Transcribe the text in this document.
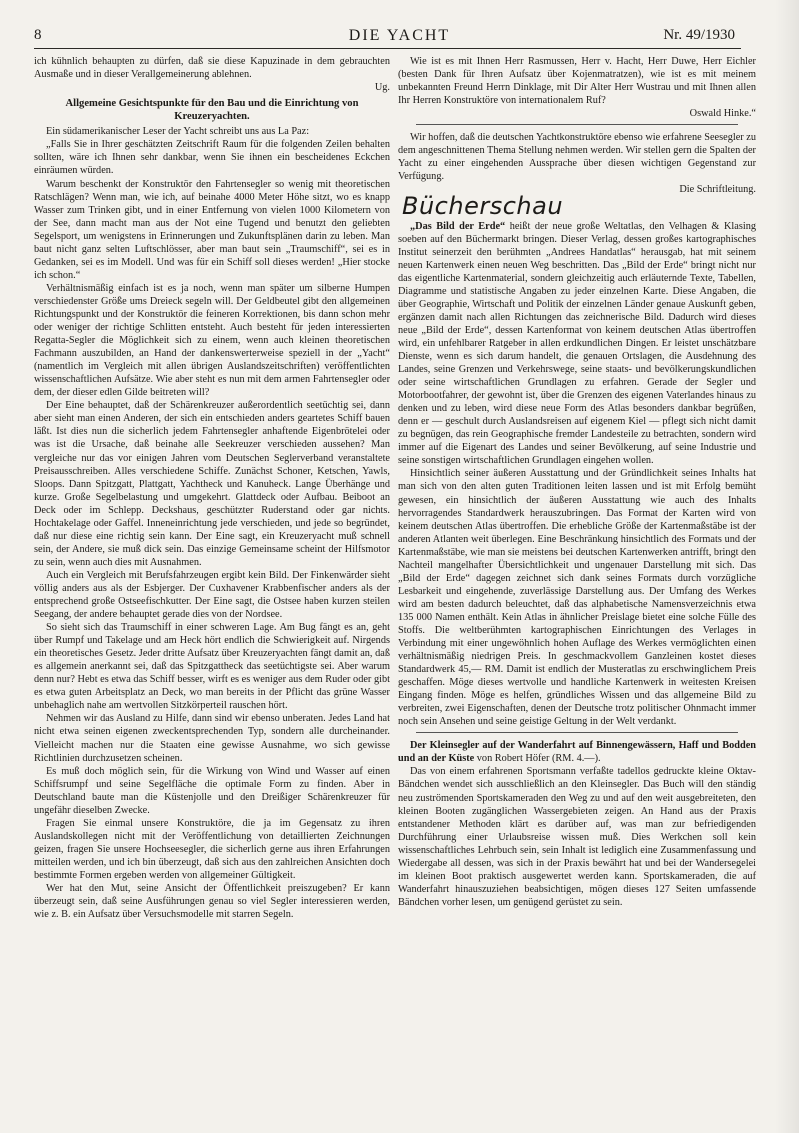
8	DIE YACHT	Nr. 49/1930

ich kühnlich behaupten zu dürfen, daß sie diese Kapuzinade in dem gebrauchten Ausmaße und in dieser Verallgemeinerung ablehnen.

Ug.

Allgemeine Gesichtspunkte für den Bau und die Einrichtung von Kreuzeryachten.

Ein südamerikanischer Leser der Yacht schreibt uns aus La Paz:

„Falls Sie in Ihrer geschätzten Zeitschrift Raum für die folgenden Zeilen behalten sollten, wäre ich Ihnen sehr dankbar, wenn Sie ihnen ein bescheidenes Eckchen einräumen würden.

Warum beschenkt der Konstruktör den Fahrtensegler so wenig mit theoretischen Ratschlägen? Wenn man, wie ich, auf beinahe 4000 Meter Höhe sitzt, wo es knapp Wasser zum Trinken gibt, und in einer Entfernung von vielen 1000 Kilometern von der See, dann macht man aus der Not eine Tugend und benutzt den geliebten Segelsport, um wenigstens in Erinnerungen und Zukunftsplänen darin zu leben. Man baut nicht ganz selten Luftschlösser, aber man baut sein „Traumschiff“, sei es in Gedanken, sei es im Modell. Und was für ein Schiff soll dieses werden! „Hier stocke ich schon.“

Verhältnismäßig einfach ist es ja noch, wenn man später um silberne Humpen verschiedenster Größe ums Dreieck segeln will. Der Geldbeutel gibt den allgemeinen Richtungspunkt und der Konstruktör die feineren Korrektionen, bis dann schon mehr oder weniger der richtige Schlitten entsteht. Auch besteht für jeden interessierten Regatta-Segler die Möglichkeit sich zu einem, wenn auch kleinen theoretischen Fachmann auszubilden, an Hand der dankenswerterweise speziell in der „Yacht“ (namentlich im Vergleich mit allen übrigen Auslandszeitschriften) veröffentlichten wissenschaftlichen Aufsätze. Wie aber steht es nun mit dem armen Fahrtensegler oder dem, der dieser edlen Gilde beitreten will?

Der Eine behauptet, daß der Schärenkreuzer außerordentlich seetüchtig sei, dann aber sieht man einen Anderen, der sich ein entschieden anders geartetes Schiff bauen läßt. Ist dies nun die sicherlich jedem Fahrtensegler anhaftende Eigenbrötelei oder was ist die Ursache, daß beinahe alle Seekreuzer verschieden aussehen? Man vergleiche nur das vor einigen Jahren vom Deutschen Seglerverband veranstaltete Preisausschreiben. Alles verschiedene Schiffe. Zunächst Schoner, Ketschen, Yawls, Sloops. Dann Spitzgatt, Plattgatt, Yachtheck und Kanuheck. Lange Überhänge und kurze. Große Segelbelastung und umgekehrt. Glattdeck oder Aufbau. Beiboot an Deck oder im Schlepp. Deckshaus, geschützter Ruderstand oder gar nichts. Hochtakelage oder Gaffel. Inneneinrichtung jede verschieden, und jede so begründet, daß nur diese eine richtig sein kann. Der Eine sagt, ein Kreuzeryacht muß schnell sein, der Andere, sie muß dick sein. Das einzige Gemeinsame scheint der Hilfsmotor zu sein, wenn auch dies mit Ausnahmen.

Auch ein Vergleich mit Berufsfahrzeugen ergibt kein Bild. Der Finkenwärder sieht völlig anders aus als der Esbjerger. Der Cuxhavener Krabbenfischer anders als der entsprechend große Ostseefischkutter. Der Eine sagt, die Ostsee haben kurzen steilen Seegang, der andere behauptet gerade dies von der Nordsee.

So sieht sich das Traumschiff in einer schweren Lage. Am Bug fängt es an, geht über Rumpf und Takelage und am Heck hört endlich die Schwierigkeit auf. Nirgends ein theoretisches Gesetz. Jeder dritte Aufsatz über Kreuzeryachten fängt damit an, daß es allgemein anerkannt sei, daß das Spitzgattheck das seetüchtigste sei. Aber warum denn nur? Hebt es etwa das Schiff besser, wirft es es weniger aus dem Ruder oder gibt es etwa guten Arbeitsplatz an Deck, wo man bereits in der Pflicht das grüne Wasser unbehaglich nahe am wertvollen Sitzkörperteil rauschen hört.

Nehmen wir das Ausland zu Hilfe, dann sind wir ebenso unberaten. Jedes Land hat nicht etwa seinen eigenen zweckentsprechenden Typ, sondern alle durcheinander. Vielleicht machen nur die Staaten eine gewisse Ausnahme, wo sich gewisse Richtlinien durchzusetzen scheinen.

Es muß doch möglich sein, für die Wirkung von Wind und Wasser auf einen Schiffsrumpf und seine Segelfläche die optimale Form zu finden. Aber in Deutschland baute man die Küstenjolle und den Dreißiger Schärenkreuzer für ungefähr dieselben Zwecke.

Fragen Sie einmal unsere Konstruktöre, die ja im Gegensatz zu ihren Auslandskollegen nicht mit der Veröffentlichung von detaillierten Zeichnungen geizen, fragen Sie unsere Hochseesegler, die sicherlich gerne aus ihren Erfahrungen mitteilen werden, und ich bin überzeugt, daß sich aus den zahlreichen Ansichten doch bestimmte Formen ergeben werden von allgemeiner Gültigkeit.

Wer hat den Mut, seine Ansicht der Öffentlichkeit preiszugeben? Er kann überzeugt sein, daß seine Ausführungen genau so viel Segler interessieren werden, wie z. B. ein Aufsatz über Versuchsmodelle mit starren Segeln.

Wie ist es mit Ihnen Herr Rasmussen, Herr v. Hacht, Herr Duwe, Herr Eichler (besten Dank für Ihren Aufsatz über Kojenmatratzen), wie ist es mit meinem unbekannten Freund Herrn Dinklage, mit Dir Alter Herr Wustrau und mit Ihnen allen Ihr Herren Konstruktöre von internationalem Ruf?

Oswald Hinke.“

Wir hoffen, daß die deutschen Yachtkonstruktöre ebenso wie erfahrene Seesegler zu dem angeschnittenen Thema Stellung nehmen werden. Wir stellen gern die Spalten der Yacht zu einer eingehenden Aussprache über diesen wichtigen Gegenstand zur Verfügung.

Die Schriftleitung.

Bücherschau

„Das Bild der Erde“ heißt der neue große Weltatlas, den Velhagen & Klasing soeben auf den Büchermarkt bringen. Dieser Verlag, dessen großes kartographisches Institut seinerzeit den berühmten „Andrees Handatlas“ herausgab, hat mit seinem neuen Kartenwerk einen neuen Weg beschritten. Das „Bild der Erde“ bringt nicht nur das eigentliche Kartenmaterial, sondern gleichzeitig auch erläuternde Texte, Tabellen, Diagramme und statistische Angaben zu jeder einzelnen Karte. Diese Angaben, die über Geographie, Wirtschaft und Politik der einzelnen Länder genaue Auskunft geben, ergänzen damit nach allen Richtungen das zeichnerische Bild. Dadurch wird dieses neue „Bild der Erde“, dessen Kartenformat von keinem deutschen Atlas übertroffen wird, ein unfehlbarer Ratgeber in allen erdkundlichen Dingen. Er leistet unschätzbare Dienste, wenn es sich darum handelt, die genauen Ortslagen, die Ausdehnung des Landes, seine Grenzen und Verkehrswege, seine staats- und bevölkerungskundlichen oder seine wirtschaftlichen Grundlagen zu erfahren. Gerade der Segler und Motorbootfahrer, der gewohnt ist, über die Grenzen des eigenen Vaterlandes hinaus zu denken und zu leben, wird diese neue Form des Atlas besonders dankbar begrüßen, denn er — geschult durch Auslandsreisen auf eigenem Kiel — pflegt sich nicht damit zu begnügen, das rein Geographische fremder Landesteile zu betrachten, sondern wird immer auf die Eigenart des Landes und seiner Bevölkerung, auf seine Industrie und seine sonstigen wirtschaftlichen Grundlagen eingehen wollen.

Hinsichtlich seiner äußeren Ausstattung und der Gründlichkeit seines Inhalts hat man sich von den alten guten Traditionen leiten lassen und ist mit Erfolg bemüht gewesen, ein hinsichtlich der äußeren Ausstattung wie auch des Inhalts hervorragendes Standardwerk herauszubringen. Das Format der Karten wird von keinem deutschen Atlas übertroffen. Die erhebliche Größe der Kartenmaßstäbe ist der anderen Atlanten weit überlegen. Eine Beschränkung hinsichtlich des Formats und der Kartenmaßstäbe, wie man sie meistens bei deutschen Kartenwerken antrifft, bringt den Nachteil mangelhafter Übersichtlichkeit und ungenauer Darstellung mit sich. Das „Bild der Erde“ dagegen zeichnet sich dank seines Formats durch vorzügliche Lesbarkeit und eingehende, zuverlässige Darstellung aus. Der Umfang des Werkes wird am besten dadurch beleuchtet, daß das alphabetische Namensverzeichnis etwa 135 000 Namen enthält. Kein Atlas in ähnlicher Preislage bietet eine solche Fülle des Stoffs. Die weltberühmten kartographischen Einrichtungen des Verlages in Verbindung mit einer ungewöhnlich hohen Auflage des Werkes vermöglichten einen verhältnismäßig niedrigen Preis. In geschmackvollem Ganzleinen kostet dieses Standardwerk 45,— RM. Damit ist endlich der Musteratlas zu erschwinglichem Preis geschaffen. Möge dieses wertvolle und handliche Kartenwerk in weitesten Kreisen Eingang finden. Möge es helfen, gründliches Wissen und das allgemeine Bild zu verbreiten, zwei Eigenschaften, denen der Deutsche trotz politischer Ohnmacht immer noch sein Ansehen und seine geistige Geltung in der Welt verdankt.

Der Kleinsegler auf der Wanderfahrt auf Binnengewässern, Haff und Bodden und an der Küste von Robert Höfer (RM. 4.—).

Das von einem erfahrenen Sportsmann verfaßte tadellos gedruckte kleine Oktav-Bändchen wendet sich ausschließlich an den Kleinsegler. Das Buch will den ständig neu zuströmenden Sportskameraden den Weg zu und auf den weit ausgebreiteten, den kleinen Booten zugänglichen Wassergebieten zeigen. An Hand aus der Praxis entstandener Methoden klärt es darüber auf, was man zur befriedigenden Durchführung einer Urlaubsreise wissen muß. Dies Werkchen soll kein wissenschaftliches Lehrbuch sein, sein Inhalt ist lediglich eine Zusammenfassung und Wiedergabe all dessen, was sich in der Praxis bewährt hat und bei der Wandersegelei im kleinen Boot praktisch ausgewertet werden kann. Sportskameraden, die auf Wanderfahrt hinauszuziehen beabsichtigen, mögen dieses 127 Seiten umfassende Bändchen vorher lesen, um genügend gerüstet zu sein.
